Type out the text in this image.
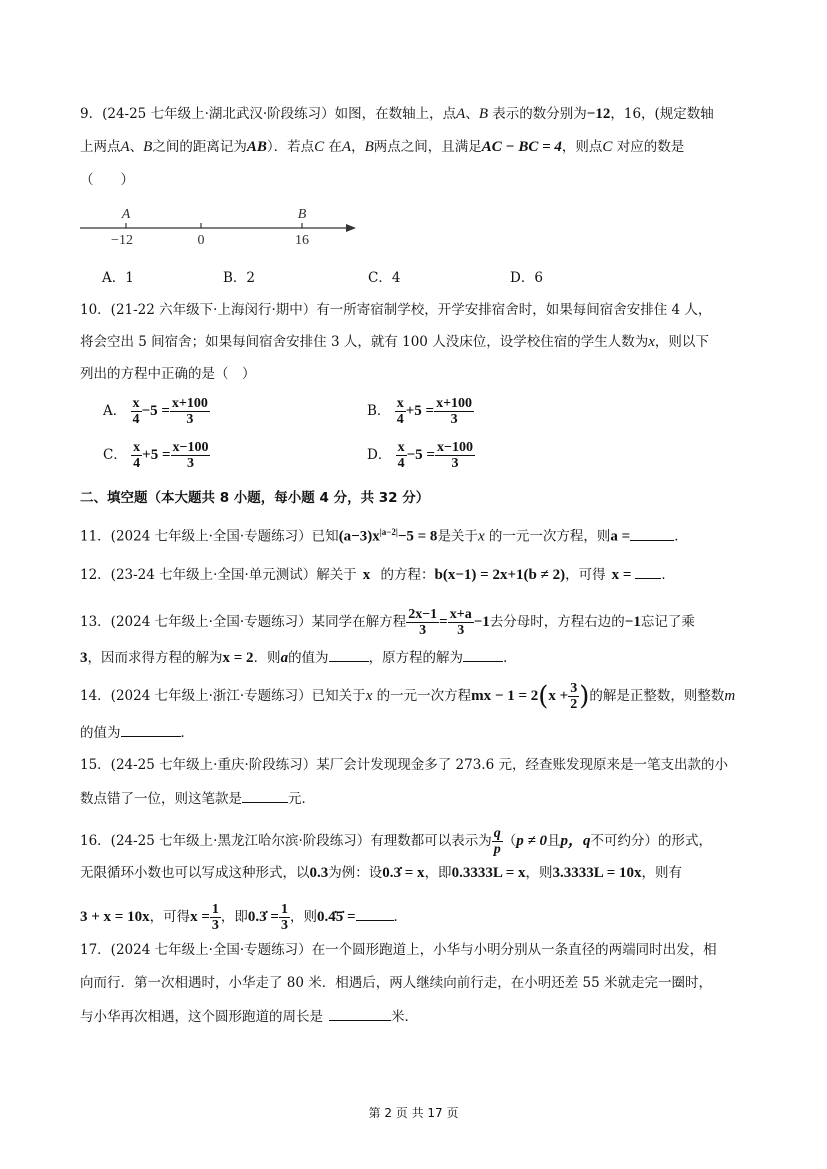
9．(24-25 七年级上·湖北武汉·阶段练习）如图，在数轴上，点A、B 表示的数分别为−12，16，(规定数轴
上两点A、B之间的距离记为AB）．若点C 在A，B两点之间，且满足AC − BC = 4，则点C 对应的数是
（　　）
A	B
−12	0	16
A．1	B．2	C．4	D．6
10．(21-22 六年级下·上海闵行·期中）有一所寄宿制学校，开学安排宿舍时，如果每间宿舍安排住 4 人，
将会空出 5 间宿舍；如果每间宿舍安排住 3 人，就有 100 人没床位，设学校住宿的学生人数为x，则以下
列出的方程中正确的是（　）
A． $\frac{x}{4} -5 = \frac{x+100}{3}$	B． $\frac{x}{4} +5 = \frac{x+100}{3}$
C． $\frac{x}{4} +5 = \frac{x-100}{3}$	D． $\frac{x}{4} -5 = \frac{x-100}{3}$
二、填空题（本大题共 8 小题，每小题 4 分，共 32 分）
11．(2024 七年级上·全国·专题练习）已知$(a-3)x^{|a-2|}-5 = 8$是关于x 的一元一次方程，则a =	．
12．(23-24 七年级上·全国·单元测试）解关于 x 的方程：b(x−1) = 2x+1(b ≠ 2)，可得 x = ．
13．(2024 七年级上·全国·专题练习）某同学在解方程 $\frac{2x-1}{3} = \frac{x+a}{3} -1$去分母时，方程右边的−1忘记了乘
3，因而求得方程的解为x = 2．则a的值为	，原方程的解为	．
14．(2024 七年级上·浙江·专题练习）已知关于x 的一元一次方程mx − $1 = 2(x + \frac{3}{2}$ )的解是正整数，则整数m
的值为	．
15．(24-25 七年级上·重庆·阶段练习）某厂会计发现现金多了 273.6 元，经查账发现原来是一笔支出款的小
数点错了一位，则这笔款是	元．
16．(24-25 七年级上·黑龙江哈尔滨·阶段练习）有理数都可以表示为 $\frac{q}{p} (p \ne 0$且p，q不可约分）的形式，
无限循环小数也可以写成这种形式，以0.3为例：设0.3̇ = x，即0.3333L = x，则3.3333L = 10x，则有
3 + x = 10x，可得$x = \frac{1}{3}$ ，即0.3̇ = $\frac{1}{3}$ ，则0.4̇5̇ =	．
17．(2024 七年级上·全国·专题练习）在一个圆形跑道上，小华与小明分别从一条直径的两端同时出发，相
向而行．第一次相遇时，小华走了 80 米．相遇后，两人继续向前行走，在小明还差 55 米就走完一圈时，
与小华再次相遇，这个圆形跑道的周长是	米．
第 2 页 共 17 页
